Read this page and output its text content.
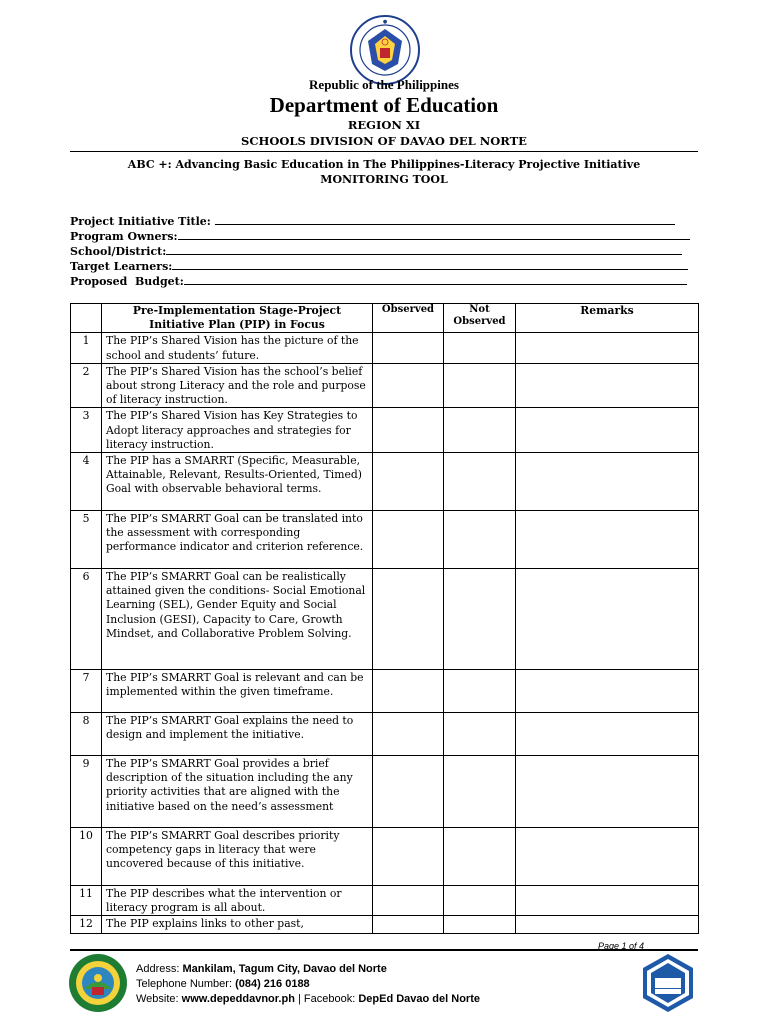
●
Republic of the Philippines
Department of Education
REGION XI
SCHOOLS DIVISION OF DAVAO DEL NORTE
ABC +: Advancing Basic Education in The Philippines-Literacy Projective Initiative
MONITORING TOOL
Project Initiative Title:
Program Owners:
School/District:
Target Learners:
Proposed  Budget:
	Pre-Implementation Stage-Project Initiative Plan (PIP) in Focus	Observed	Not Observed	Remarks
1	The PIP’s Shared Vision has the picture of the school and students’ future.			
2	The PIP’s Shared Vision has the school’s belief about strong Literacy and the role and purpose of literacy instruction.			
3	The PIP’s Shared Vision has Key Strategies to Adopt literacy approaches and strategies for literacy instruction.			
4	The PIP has a SMARRT (Specific, Measurable, Attainable, Relevant, Results-Oriented, Timed) Goal with observable behavioral terms.			
5	The PIP’s SMARRT Goal can be translated into the assessment with corresponding performance indicator and criterion reference.			
6	The PIP’s SMARRT Goal can be realistically attained given the conditions- Social Emotional Learning (SEL), Gender Equity and Social Inclusion (GESI), Capacity to Care, Growth Mindset, and Collaborative Problem Solving.			
7	The PIP’s SMARRT Goal is relevant and can be implemented within the given timeframe.			
8	The PIP’s SMARRT Goal explains the need to design and implement the initiative.			
9	The PIP’s SMARRT Goal provides a brief description of the situation including the any priority activities that are aligned with the initiative based on the need’s assessment			
10	The PIP’s SMARRT Goal describes priority competency gaps in literacy that were uncovered because of this initiative.			
11	The PIP describes what the intervention or literacy program is all about.			
12	The PIP explains links to other past,			
Page 1 of 4
Address: Mankilam, Tagum City, Davao del Norte
Telephone Number: (084) 216 0188
Website: www.depeddavnor.ph | Facebook: DepEd Davao del Norte
